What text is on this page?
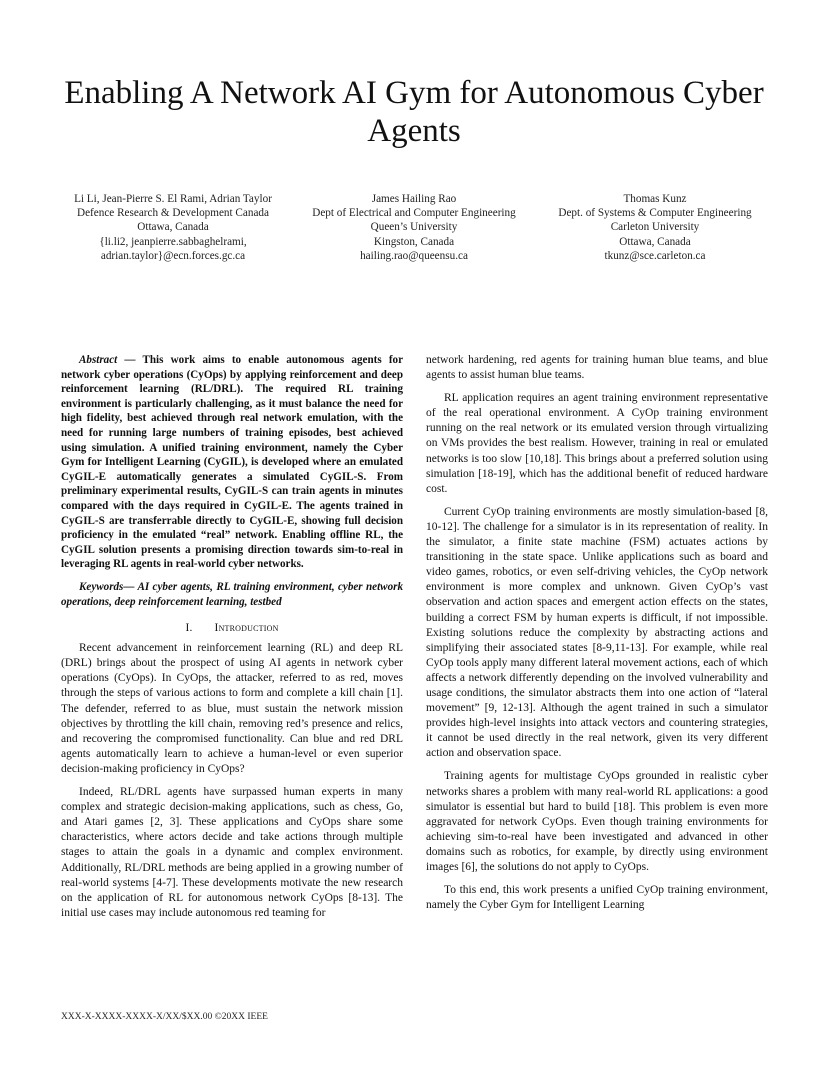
Enabling A Network AI Gym for Autonomous Cyber
Agents
Li Li, Jean-Pierre S. El Rami, Adrian Taylor
Defence Research & Development Canada
Ottawa, Canada
{li.li2, jeanpierre.sabbaghelrami,
adrian.taylor}@ecn.forces.gc.ca
James Hailing Rao
Dept of Electrical and Computer Engineering
Queen’s University
Kingston, Canada
hailing.rao@queensu.ca
Thomas Kunz
Dept. of Systems & Computer Engineering
Carleton University
Ottawa, Canada
tkunz@sce.carleton.ca

Abstract — This work aims to enable autonomous agents for network cyber operations (CyOps) by applying reinforcement and deep reinforcement learning (RL/DRL). The required RL training environment is particularly challenging, as it must balance the need for high fidelity, best achieved through real network emulation, with the need for running large numbers of training episodes, best achieved using simulation. A unified training environment, namely the Cyber Gym for Intelligent Learning (CyGIL), is developed where an emulated CyGIL-E automatically generates a simulated CyGIL-S. From preliminary experimental results, CyGIL-S can train agents in minutes compared with the days required in CyGIL-E. The agents trained in CyGIL-S are transferrable directly to CyGIL-E, showing full decision proficiency in the emulated “real” network. Enabling offline RL, the CyGIL solution presents a promising direction towards sim-to-real in leveraging RL agents in real-world cyber networks.

Keywords— AI cyber agents, RL training environment, cyber network operations, deep reinforcement learning, testbed

I. Introduction

Recent advancement in reinforcement learning (RL) and deep RL (DRL) brings about the prospect of using AI agents in network cyber operations (CyOps). In CyOps, the attacker, referred to as red, moves through the steps of various actions to form and complete a kill chain [1]. The defender, referred to as blue, must sustain the network mission objectives by throttling the kill chain, removing red’s presence and relics, and recovering the compromised functionality. Can blue and red DRL agents automatically learn to achieve a human-level or even superior decision-making proficiency in CyOps?

Indeed, RL/DRL agents have surpassed human experts in many complex and strategic decision-making applications, such as chess, Go, and Atari games [2, 3]. These applications and CyOps share some characteristics, where actors decide and take actions through multiple stages to attain the goals in a dynamic and complex environment. Additionally, RL/DRL methods are being applied in a growing number of real-world systems [4-7]. These developments motivate the new research on the application of RL for autonomous network CyOps [8-13]. The initial use cases may include autonomous red teaming for

network hardening, red agents for training human blue teams, and blue agents to assist human blue teams.

RL application requires an agent training environment representative of the real operational environment. A CyOp training environment running on the real network or its emulated version through virtualizing on VMs provides the best realism. However, training in real or emulated networks is too slow [10,18]. This brings about a preferred solution using simulation [18-19], which has the additional benefit of reduced hardware cost.

Current CyOp training environments are mostly simulation-based [8, 10-12]. The challenge for a simulator is in its representation of reality. In the simulator, a finite state machine (FSM) actuates actions by transitioning in the state space. Unlike applications such as board and video games, robotics, or even self-driving vehicles, the CyOp network environment is more complex and unknown. Given CyOp’s vast observation and action spaces and emergent action effects on the states, building a correct FSM by human experts is difficult, if not impossible. Existing solutions reduce the complexity by abstracting actions and simplifying their associated states [8-9,11-13]. For example, while real CyOp tools apply many different lateral movement actions, each of which affects a network differently depending on the involved vulnerability and usage conditions, the simulator abstracts them into one action of “lateral movement” [9, 12-13]. Although the agent trained in such a simulator provides high-level insights into attack vectors and countering strategies, it cannot be used directly in the real network, given its very different action and observation space.

Training agents for multistage CyOps grounded in realistic cyber networks shares a problem with many real-world RL applications: a good simulator is essential but hard to build [18]. This problem is even more aggravated for network CyOps. Even though training environments for achieving sim-to-real have been investigated and advanced in other domains such as robotics, for example, by directly using environment images [6], the solutions do not apply to CyOps.

To this end, this work presents a unified CyOp training environment, namely the Cyber Gym for Intelligent Learning

XXX-X-XXXX-XXXX-X/XX/$XX.00 ©20XX IEEE
